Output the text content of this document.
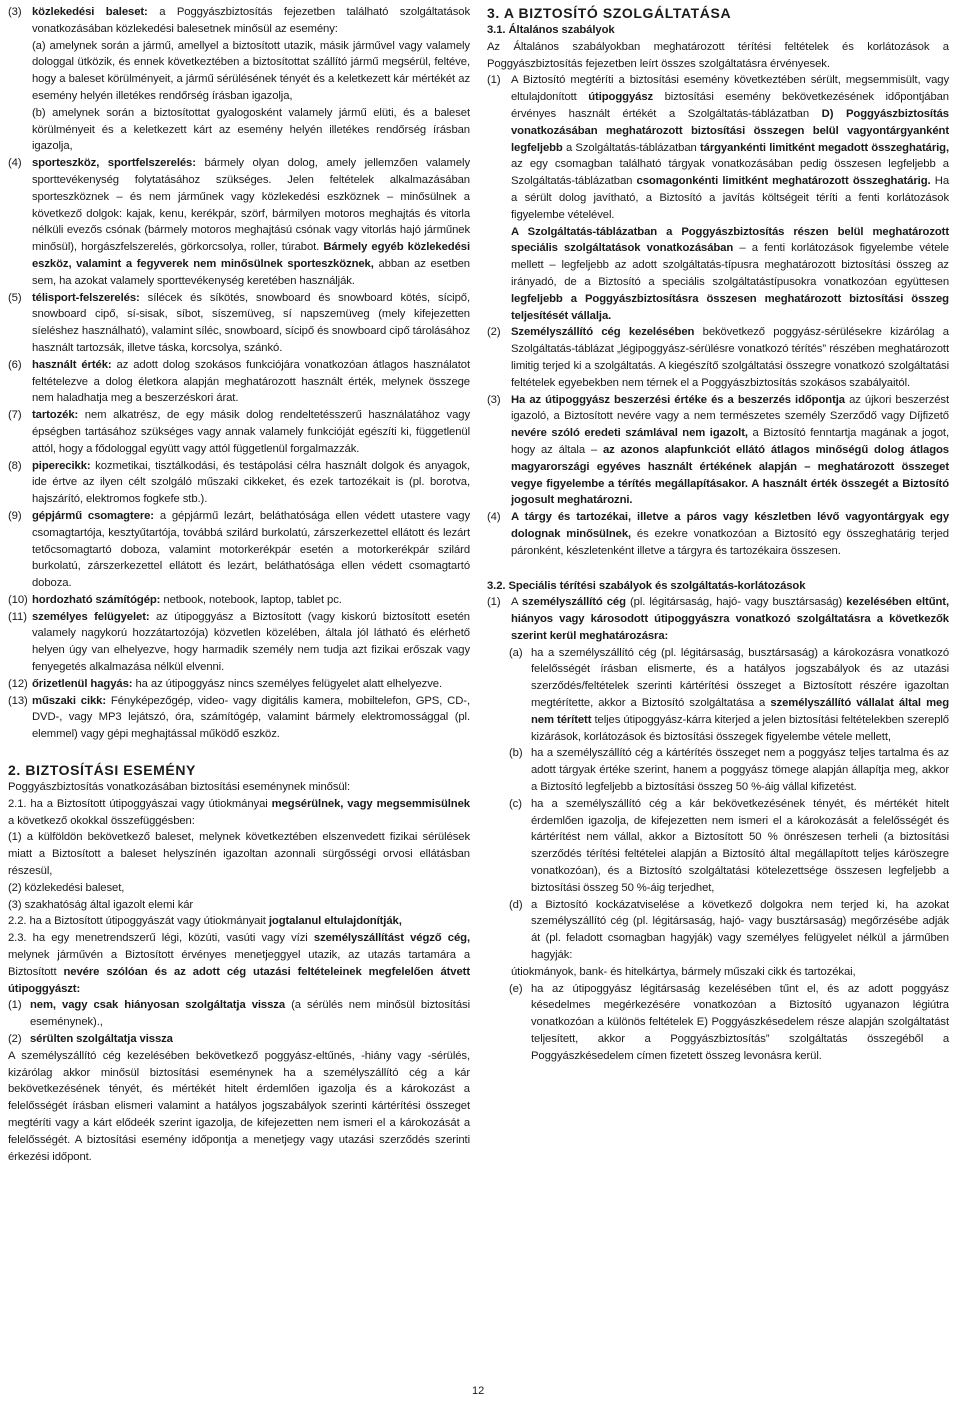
(3) közlekedési baleset: a Poggyászbiztosítás fejezetben található szolgáltatások vonatkozásában közlekedési balesetnek minősül az esemény:
(a) amelynek során a jármű, amellyel a biztosított utazik, másik járművel vagy valamely dologgal ütközik, és ennek következtében a biztosítottat szállító jármű megsérül, feltéve, hogy a baleset körülményeit, a jármű sérülésének tényét és a keletkezett kár mértékét az esemény helyén illetékes rendőrség írásban igazolja,
(b) amelynek során a biztosítottat gyalogosként valamely jármű elüti, és a baleset körülményeit és a keletkezett kárt az esemény helyén illetékes rendőrség írásban igazolja,
(4) sporteszköz, sportfelszerelés: bármely olyan dolog, amely jellemzően valamely sporttevékenység folytatásához szükséges. Jelen feltételek alkalmazásában sporteszköznek – és nem járműnek vagy közlekedési eszköznek – minősülnek a következő dolgok: kajak, kenu, kerékpár, szörf, bármilyen motoros meghajtás és vitorla nélküli evezős csónak (bármely motoros meghajtású csónak vagy vitorlás hajó járműnek minősül), horgászfelszerelés, görkorcsolya, roller, túrabot. Bármely egyéb közlekedési eszköz, valamint a fegyverek nem minősülnek sporteszköznek, abban az esetben sem, ha azokat valamely sporttevékenység keretében használják.
(5) télisport-felszerelés: sílécek és síkötés, snowboard és snowboard kötés, sícipő, snowboard cipő, sí-sisak, síbot, síszemüveg, sí napszemüveg (mely kifejezetten síeléshez használható), valamint síléc, snowboard, sícipő és snowboard cipő tárolásához használt tartozsák, illetve táska, korcsolya, szánkó.
(6) használt érték: az adott dolog szokásos funkciójára vonatkozóan átlagos használatot feltételezve a dolog életkora alapján meghatározott használt érték, melynek összege nem haladhatja meg a beszerzéskori árat.
(7) tartozék: nem alkatrész, de egy másik dolog rendeltetésszerű használatához vagy épségben tartásához szükséges vagy annak valamely funkcióját egészíti ki, függetlenül attól, hogy a fődologgal együtt vagy attól függetlenül forgalmazzák.
(8) piperecikk: kozmetikai, tisztálkodási, és testápolási célra használt dolgok és anyagok, ide értve az ilyen célt szolgáló műszaki cikkeket, és ezek tartozékait is (pl. borotva, hajszárító, elektromos fogkefe stb.).
(9) gépjármű csomagtere: a gépjármű lezárt, beláthatósága ellen védett utastere vagy csomagtartója, kesztyűtartója, továbbá szilárd burkolatú, zárszerkezettel ellátott és lezárt tetőcsomagtartó doboza, valamint motorkerékpár esetén a motorkerékpár szilárd burkolatú, zárszerkezettel ellátott és lezárt, beláthatósága ellen védett csomagtartó doboza.
(10) hordozható számítógép: netbook, notebook, laptop, tablet pc.
(11) személyes felügyelet: az útipoggyász a Biztosított (vagy kiskorú biztosított esetén valamely nagykorú hozzátartozója) közvetlen közelében, általa jól látható és elérhető helyen úgy van elhelyezve, hogy harmadik személy nem tudja azt fizikai erőszak vagy fenyegetés alkalmazása nélkül elvenni.
(12) őrizetlenül hagyás: ha az útipoggyász nincs személyes felügyelet alatt elhelyezve.
(13) műszaki cikk: Fényképezőgép, video- vagy digitális kamera, mobiltelefon, GPS, CD-, DVD-, vagy MP3 lejátszó, óra, számítógép, valamint bármely elektromossággal (pl. elemmel) vagy gépi meghajtással működő eszköz.
2. BIZTOSÍTÁSI ESEMÉNY

Poggyászbiztosítás vonatkozásában biztosítási eseménynek minősül:

2.1. ha a Biztosított útipoggyászai vagy útiokmányai megsérülnek, vagy megsemmisülnek a következő okokkal összefüggésben:

(1) a külföldön bekövetkező baleset, melynek következtében elszenvedett fizikai sérülések miatt a Biztosított a baleset helyszínén igazoltan azonnali sürgősségi orvosi ellátásban részesül,

(2) közlekedési baleset,

(3) szakhatóság által igazolt elemi kár

2.2. ha a Biztosított útipoggyászát vagy útiokmányait jogtalanul eltulajdonítják,

2.3. ha egy menetrendszerű légi, közúti, vasúti vagy vízi személyszállítást végző cég, melynek járművén a Biztosított érvényes menetjeggyel utazik, az utazás tartamára a Biztosított nevére szólóan és az adott cég utazási feltételeinek megfelelően átvett útipoggyászt:

(1) nem, vagy csak hiányosan szolgáltatja vissza (a sérülés nem minősül biztosítási eseménynek).,
(2) sérülten szolgáltatja vissza

A személyszállító cég kezelésében bekövetkező poggyász-eltűnés, -hiány vagy -sérülés, kizárólag akkor minősül biztosítási eseménynek ha a személyszállító cég a kár bekövetkezésének tényét, és mértékét hitelt érdemlően igazolja és a károkozást a felelősségét írásban elismeri valamint a hatályos jogszabályok szerinti kártérítési összeget megtéríti vagy a kárt elődeék szerint igazolja, de kifejezetten nem ismeri el a károkozását a felelősségét. A biztosítási esemény időpontja a menetjegy vagy utazási szerződés szerinti érkezési időpont.

3. A BIZTOSÍTÓ SZOLGÁLTATÁSA

3.1. Általános szabályok

Az Általános szabályokban meghatározott térítési feltételek és korlátozások a Poggyászbiztosítás fejezetben leírt összes szolgáltatásra érvényesek.

(1) A Biztosító megtéríti a biztosítási esemény következtében sérült, megsemmisült, vagy eltulajdonított útipoggyász biztosítási esemény bekövetkezésének időpontjában érvényes használt értékét a Szolgáltatás-táblázatban D) Poggyászbiztosítás vonatkozásában meghatározott biztosítási összegen belül vagyontárgyanként legfeljebb a Szolgáltatás-táblázatban tárgyankénti limitként megadott összeghatárig, az egy csomagban található tárgyak vonatkozásában pedig összesen legfeljebb a Szolgáltatás-táblázatban csomagonkénti limitként meghatározott összeghatárig. Ha a sérült dolog javítható, a Biztosító a javítás költségeit téríti a fenti korlátozások figyelembe vételével.
A Szolgáltatás-táblázatban a Poggyászbiztosítás részen belül meghatározott speciális szolgáltatások vonatkozásában – a fenti korlátozások figyelembe vétele mellett – legfeljebb az adott szolgáltatás-típusra meghatározott biztosítási összeg az irányadó, de a Biztosító a speciális szolgáltatástípusokra vonatkozóan együttesen legfeljebb a Poggyászbiztosításra összesen meghatározott biztosítási összeg teljesítését vállalja.
(2) Személyszállító cég kezelésében bekövetkező poggyász-sérülésekre kizárólag a Szolgáltatás-táblázat „légipoggyász-sérülésre vonatkozó térítés” részében meghatározott limitig terjed ki a szolgáltatás. A kiegészítő szolgáltatási összegre vonatkozó szolgáltatási feltételek egyebekben nem térnek el a Poggyászbiztosítás szokásos szabályaitól.
(3) Ha az útipoggyász beszerzési értéke és a beszerzés időpontja az újkori beszerzést igazoló, a Biztosított nevére vagy a nem természetes személy Szerződő vagy Díjfizető nevére szóló eredeti számlával nem igazolt, a Biztosító fenntartja magának a jogot, hogy az általa – az azonos alapfunkciót ellátó átlagos minőségű dolog átlagos magyarországi egyéves használt értékének alapján – meghatározott összeget vegye figyelembe a térítés megállapításakor. A használt érték összegét a Biztosító jogosult meghatározni.
(4) A tárgy és tartozékai, illetve a páros vagy készletben lévő vagyontárgyak egy dolognak minősülnek, és ezekre vonatkozóan a Biztosító egy összeghatárig terjed páronként, készletenként illetve a tárgyra és tartozékaira összesen.

3.2. Speciális térítési szabályok és szolgáltatás-korlátozások

(1) A személyszállító cég (pl. légitársaság, hajó- vagy busztársaság) kezelésében eltűnt, hiányos vagy károsodott útipoggyászra vonatkozó szolgáltatásra a következők szerint kerül meghatározásra:
(a) ha a személyszállító cég (pl. légitársaság, busztársaság) a károkozásra vonatkozó felelősségét írásban elismerte, és a hatályos jogszabályok és az utazási szerződés/feltételek szerinti kártérítési összeget a Biztosított részére igazoltan megtérítette, akkor a Biztosító szolgáltatása a személyszállító vállalat által meg nem térített teljes útipoggyász-kárra kiterjed a jelen biztosítási feltételekben szereplő kizárások, korlátozások és biztosítási összegek figyelembe vétele mellett,
(b) ha a személyszállító cég a kártérítés összeget nem a poggyász teljes tartalma és az adott tárgyak értéke szerint, hanem a poggyász tömege alapján állapítja meg, akkor a Biztosító legfeljebb a biztosítási összeg 50 %-áig vállal kifizetést.
(c) ha a személyszállító cég a kár bekövetkezésének tényét, és mértékét hitelt érdemlően igazolja, de kifejezetten nem ismeri el a károkozását a felelősségét és kártérítést nem vállal, akkor a Biztosított 50 % önrészesen terheli (a biztosítási szerződés térítési feltételei alapján a Biztosító által megállapított teljes káröszegre vonatkozóan), és a Biztosító szolgáltatási kötelezettsége összesen legfeljebb a biztosítási összeg 50 %-áig terjedhet,
(d) a Biztosító kockázatviselése a következő dolgokra nem terjed ki, ha azokat személyszállító cég (pl. légitársaság, hajó- vagy busztársaság) megőrzésébe adják át (pl. feladott csomagban hagyják) vagy személyes felügyelet nélkül a járműben hagyják:
útiokmányok, bank- és hitelkártya, bármely műszaki cikk és tartozékai,
(e) ha az útipoggyász légitársaság kezelésében tűnt el, és az adott poggyász késedelmes megérkezésére vonatkozóan a Biztosító ugyanazon légiútra vonatkozóan a különös feltételek E) Poggyászkésedelem része alapján szolgáltatást teljesített, akkor a Poggyászbiztosítás” szolgáltatás összegéből a Poggyászkésedelem címen fizetett összeg levonásra kerül.
12
